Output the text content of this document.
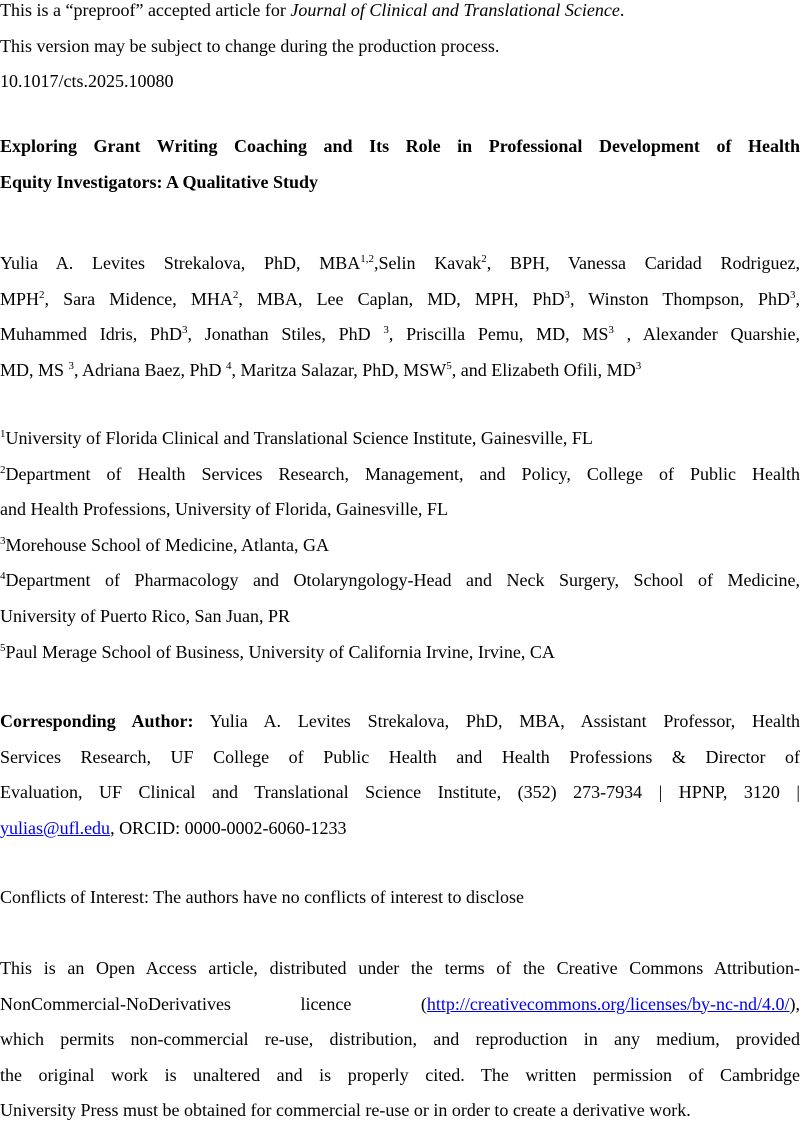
This is a “preproof” accepted article for Journal of Clinical and Translational Science.
This version may be subject to change during the production process.
10.1017/cts.2025.10080
Exploring Grant Writing Coaching and Its Role in Professional Development of Health
Equity Investigators: A Qualitative Study
Yulia A. Levites Strekalova, PhD, MBA$^{1,2}$,Selin Kavak$^2$, BPH, Vanessa Caridad Rodriguez,
MPH$^2$, Sara Midence, MHA$^2$, MBA, Lee Caplan, MD, MPH, PhD$^3$, Winston Thompson, PhD$^3$,
Muhammed Idris, PhD$^3$, Jonathan Stiles, PhD $^3$, Priscilla Pemu, MD, $MS^3$ , Alexander Quarshie,
MD, MS $^3$, Adriana Baez, PhD $^4$, Maritza Salazar, PhD, MSW$^5$, and Elizabeth Ofili, $MD^3$
$^1$University of Florida Clinical and Translational Science Institute, Gainesville, FL
$^2$Department of Health Services Research, Management, and Policy, College of Public Health
and Health Professions, University of Florida, Gainesville, FL
$^3$Morehouse School of Medicine, Atlanta, GA
$^4$Department of Pharmacology and Otolaryngology-Head and Neck Surgery, School of Medicine,
University of Puerto Rico, San Juan, PR
$^5$Paul Merage School of Business, University of California Irvine, Irvine, CA
Corresponding Author: Yulia A. Levites Strekalova, PhD, MBA, Assistant Professor, Health
Services Research, UF College of Public Health and Health Professions & Director of
Evaluation, UF Clinical and Translational Science Institute, (352) 273-7934 | HPNP, 3120 |
yulias@ufl.edu, ORCID: 0000-0002-6060-1233
Conflicts of Interest: The authors have no conflicts of interest to disclose
This is an Open Access article, distributed under the terms of the Creative Commons Attribution-
NonCommercial-NoDerivatives licence (http://creativecommons.org/licenses/by-nc-nd/4.0/),
which permits non-commercial re-use, distribution, and reproduction in any medium, provided
the original work is unaltered and is properly cited. The written permission of Cambridge
University Press must be obtained for commercial re-use or in order to create a derivative work.
